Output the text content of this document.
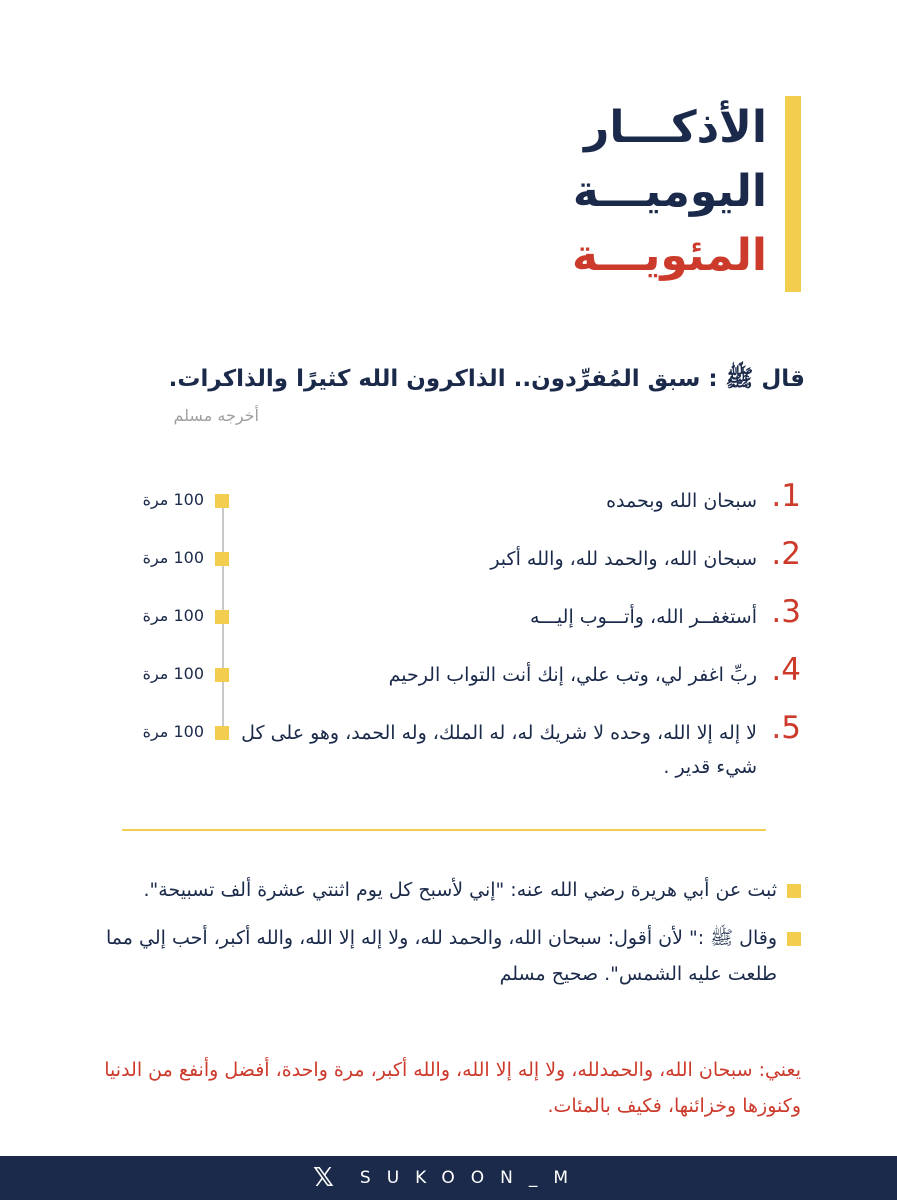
الأذكـــار
اليوميـــة
المئويـــة
قال ﷺ : سبق المُفرِّدون.. الذاكرون الله كثيرًا والذاكرات.
أخرجه مسلم
.1
سبحان الله وبحمده
100 مرة
.2
سبحان الله، والحمد لله، والله أكبر
100 مرة
.3
أستغفــر الله، وأتـــوب إليـــه
100 مرة
.4
ربِّ اغفر لي، وتب علي، إنك أنت التواب الرحيم
100 مرة
.5
لا إله إلا الله، وحده لا شريك له، له الملك، وله الحمد، وهو على كل شيء قدير .
100 مرة
ثبت عن أبي هريرة رضي الله عنه: "إني لأسبح كل يوم اثنتي عشرة ألف تسبيحة".
وقال ﷺ :" لأن أقول: سبحان الله، والحمد لله، ولا إله إلا الله، والله أكبر، أحب إلي مما طلعت عليه الشمس". صحيح مسلم
يعني: سبحان الله، والحمدلله، ولا إله إلا الله، والله أكبر، مرة واحدة، أفضل وأنفع من الدنيا وكنوزها وخزائنها، فكيف بالمئات.
𝕏 SUKOON_M
